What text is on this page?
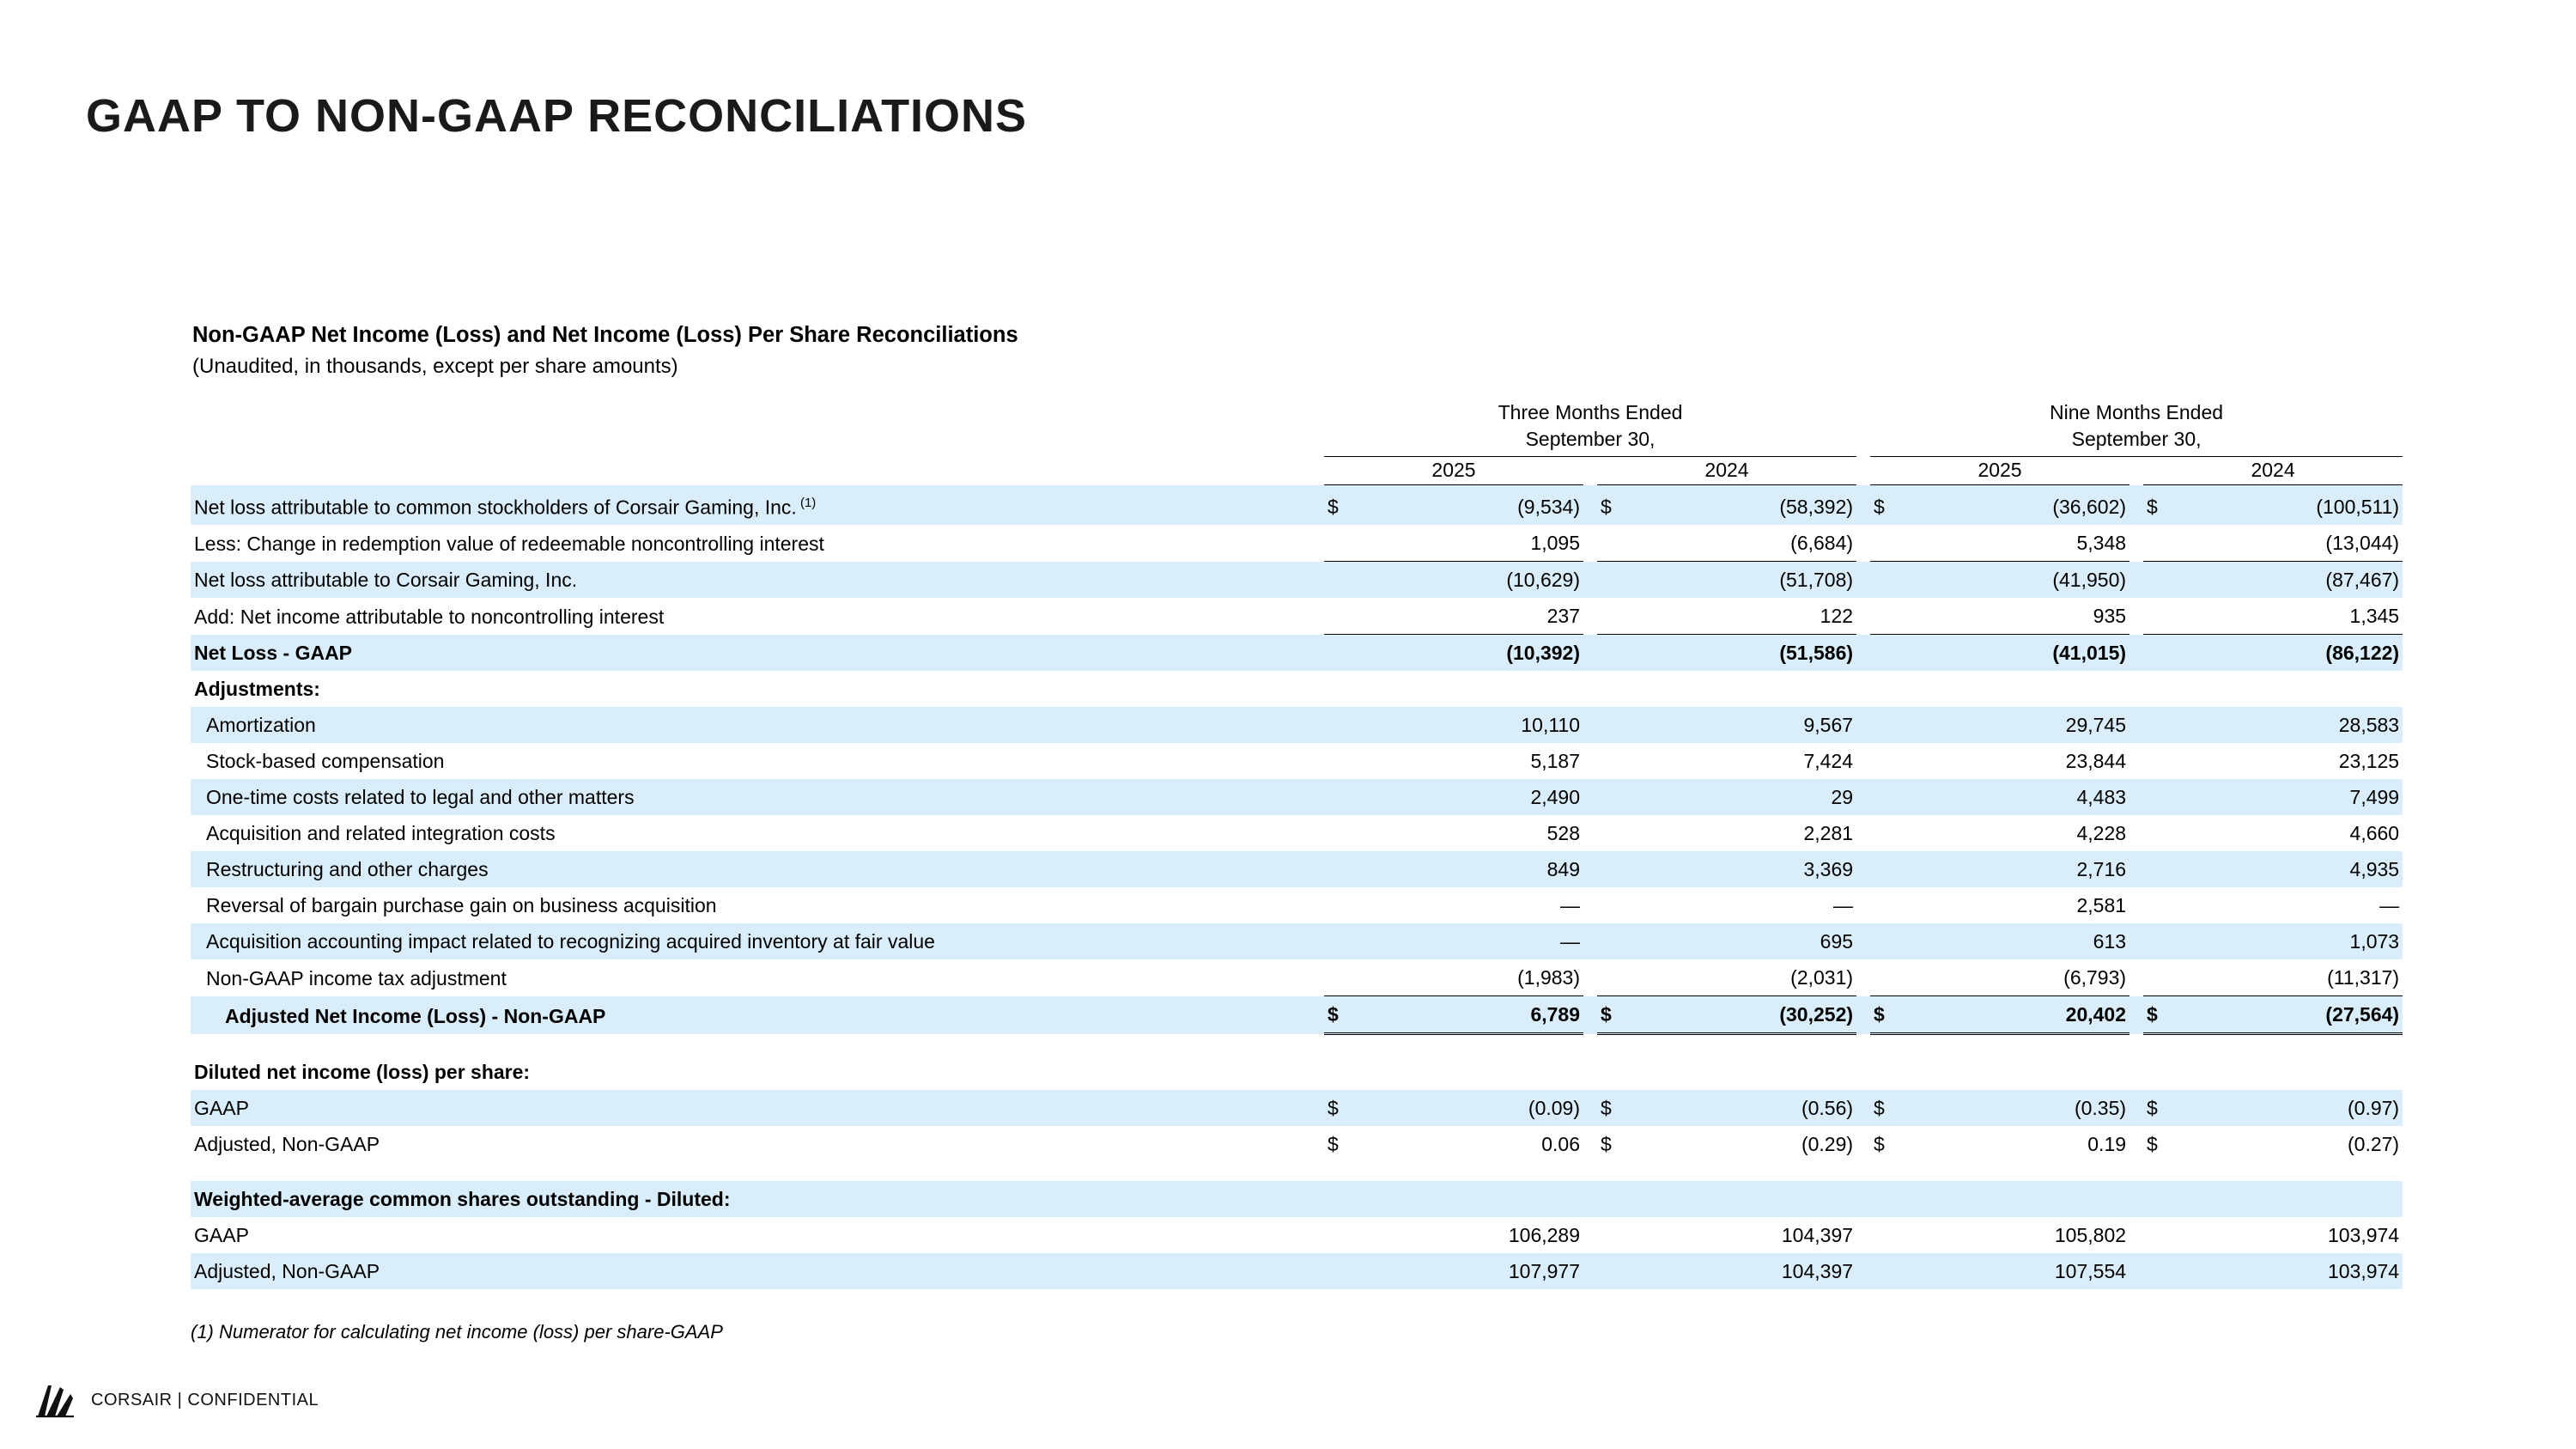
GAAP TO NON-GAAP RECONCILIATIONS
Non-GAAP Net Income (Loss) and Net Income (Loss) Per Share Reconciliations
(Unaudited, in thousands, except per share amounts)

	Three Months Ended
September 30,						Nine Months Ended
September 30,				

	2025			2024			2025			2024	
Net loss attributable to common stockholders of Corsair Gaming, Inc. $^{(1)}$	$	(9,534)		$	(58,392)		$	(36,602)		$	(100,511)
Less: Change in redemption value of redeemable noncontrolling interest		1,095			(6,684)			5,348			(13,044)
Net loss attributable to Corsair Gaming, Inc.		(10,629)			(51,708)			(41,950)			(87,467)
Add: Net income attributable to noncontrolling interest		237			122			935			1,345
Net Loss - GAAP		(10,392)			(51,586)			(41,015)			(86,122)
Adjustments:											
Amortization		10,110			9,567			29,745			28,583
Stock-based compensation		5,187			7,424			23,844			23,125
One-time costs related to legal and other matters		2,490			29			4,483			7,499
Acquisition and related integration costs		528			2,281			4,228			4,660
Restructuring and other charges		849			3,369			2,716			4,935
Reversal of bargain purchase gain on business acquisition		—			—			2,581			—
Acquisition accounting impact related to recognizing acquired inventory at fair value		—			695			613			1,073
Non-GAAP income tax adjustment		(1,983)			(2,031)			(6,793)			(11,317)
Adjusted Net Income (Loss) - Non-GAAP	$	6,789		$	(30,252)		$	20,402		$	(27,564)

Diluted net income (loss) per share:											
GAAP	$	(0.09)		$	(0.56)		$	(0.35)		$	(0.97)
Adjusted, Non-GAAP	$	0.06		$	(0.29)		$	0.19		$	(0.27)

Weighted-average common shares outstanding - Diluted:											
GAAP		106,289			104,397			105,802			103,974
Adjusted, Non-GAAP		107,977			104,397			107,554			103,974
(1) Numerator for calculating net income (loss) per share-GAAP
CORSAIR | CONFIDENTIAL
